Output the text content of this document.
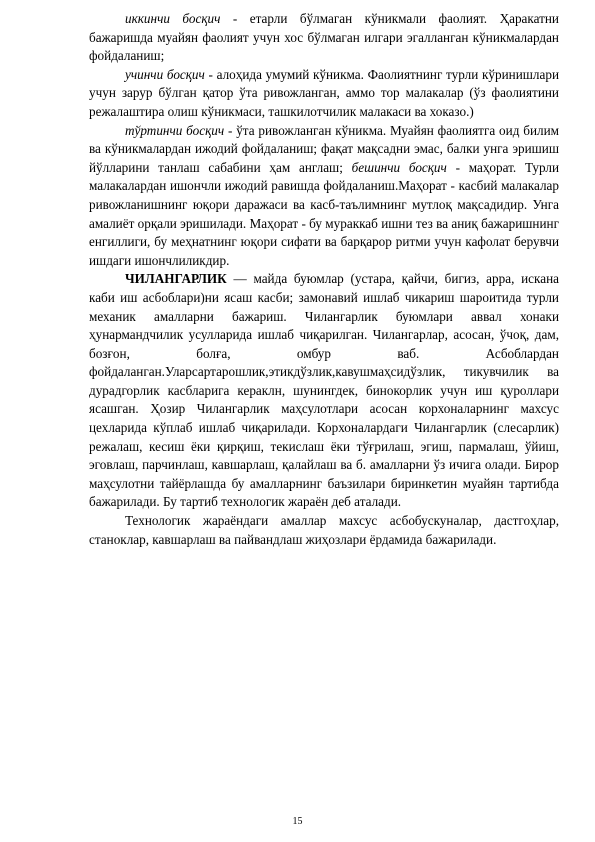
иккинчи босқич - етарли бўлмаган кўникмали фаолият. Ҳаракатни бажаришда муайян фаолият учун хос бўлмаган илгари эгалланган кўникмалардан фойдаланиш;

учинчи босқич - алоҳида умумий кўникма. Фаолиятнинг турли кўринишлари учун зарур бўлган қатор ўта ривожланган, аммо тор малакалар (ўз фаолиятини режалаштира олиш кўникмаси, ташкилотчилик малакаси ва хоказо.)

тўртинчи босқич - ўта ривожланган кўникма. Муайян фаолиятга оид билим ва кўникмалардан ижодий фойдаланиш; фақат мақсадни эмас, балки унга эришиш йўлларини танлаш сабабини ҳам англаш; бешинчи босқич - маҳорат. Турли малакалардан ишончли ижодий равишда фойдаланиш.Маҳорат - касбий малакалар ривожланишнинг юқори даражаси ва касб-таълимнинг мутлоқ мақсадидир. Унга амалиёт орқали эришилади. Маҳорат - бу мураккаб ишни тез ва аниқ бажаришнинг енгиллиги, бу меҳнатнинг юқори сифати ва барқарор ритми учун кафолат берувчи ишдаги ишончлиликдир.

ЧИЛАНГАРЛИК — майда буюмлар (устара, қайчи, бигиз, арра, искана каби иш асбоблари)ни ясаш касби; замонавий ишлаб чикариш шароитида турли механик амалларни бажариш. Чилангарлик буюмлари аввал хонаки ҳунармандчилик усулларида ишлаб чиқарилган. Чилангарлар, асосан, ўчоқ, дам, бозғон, болға, омбур ваб. Асбоблардан фойдаланган.Уларсартарошлик,этикдўзлик,кавушмаҳсидўзлик, тикувчилик ва дурадгорлик касбларига кераклн, шунингдек, бинокорлик учун иш қуроллари ясашган. Ҳозир Чилангарлик маҳсулотлари асосан корхоналарнинг махсус цехларида кўплаб ишлаб чиқарилади. Корхоналардаги Чилангарлик (слесарлик) режалаш, кесиш ёки қирқиш, текислаш ёки тўғрилаш, эгиш, пармалаш, ўйиш, эговлаш, парчинлаш, кавшарлаш, қалайлаш ва б. амалларни ўз ичига олади. Бирор маҳсулотни тайёрлашда бу амалларнинг баъзилари биринкетин муайян тартибда бажарилади. Бу тартиб технологик жараён деб аталади.

Технологик жараёндаги амаллар махсус асбобускуналар, дастгоҳлар, станоклар, кавшарлаш ва пайвандлаш жиҳозлари ёрдамида бажарилади.

15
